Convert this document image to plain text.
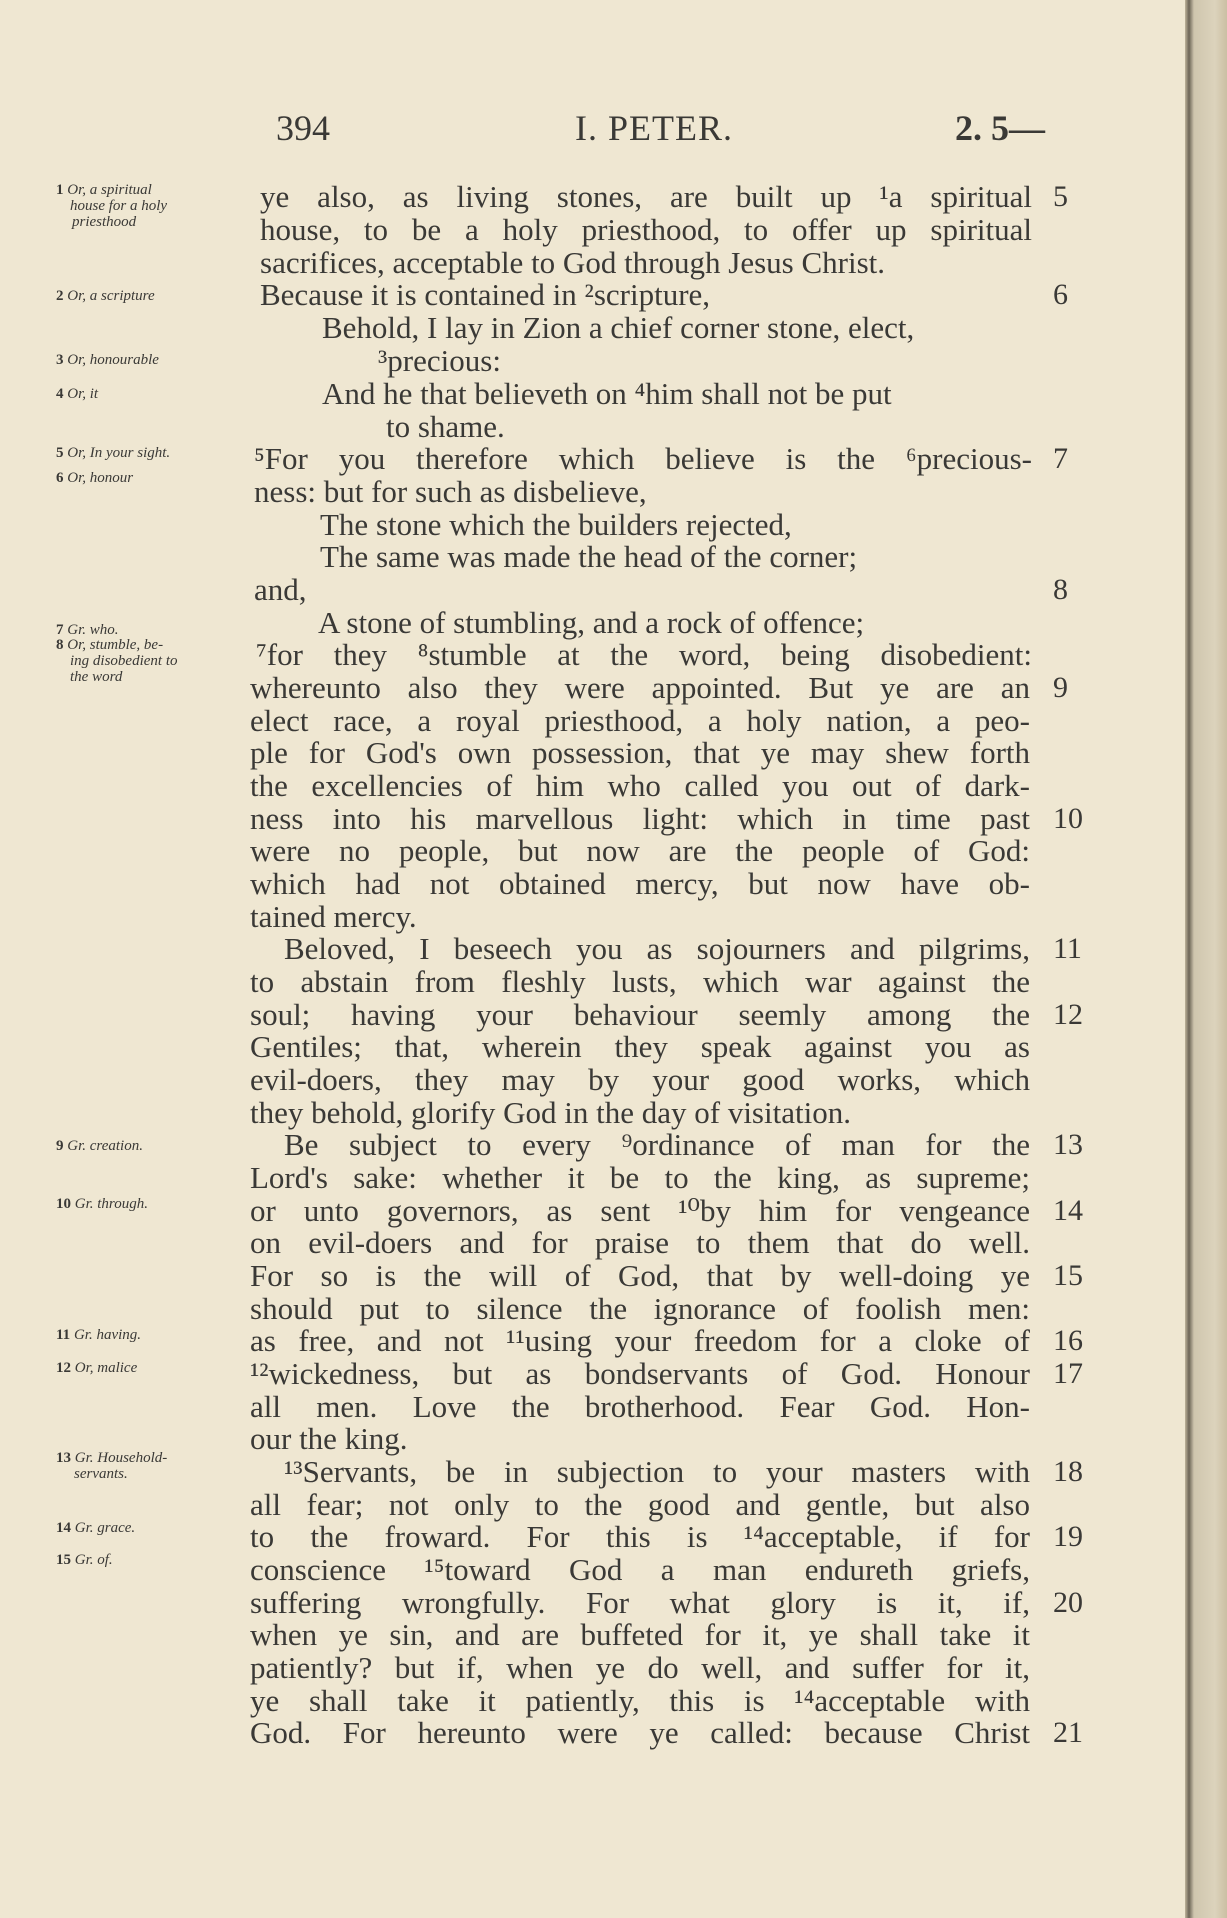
394	I. PETER.	2. 5—
1 Or, a spiritual
house for a holy
priesthood
2 Or, a scripture
3 Or, honourable
4 Or, it
5 Or, In your sight.
6 Or, honour
7 Gr. who.
8 Or, stumble, be-
ing disobedient to
the word
9 Gr. creation.
10 Gr. through.
11 Gr. having.
12 Or, malice
13 Gr. Household-
servants.
14 Gr. grace.
15 Gr. of.
ye also, as living stones, are built up ¹a spiritual
house, to be a holy priesthood, to offer up spiritual
sacrifices, acceptable to God through Jesus Christ.
Because it is contained in ²scripture,
Behold, I lay in Zion a chief corner stone, elect,
³precious:
And he that believeth on ⁴him shall not be put
to shame.
⁵For you therefore which believe is the ⁶precious-
ness: but for such as disbelieve,
The stone which the builders rejected,
The same was made the head of the corner;
and,
A stone of stumbling, and a rock of offence;
⁷for they ⁸stumble at the word, being disobedient:
whereunto also they were appointed. But ye are an
elect race, a royal priesthood, a holy nation, a peo-
ple for God's own possession, that ye may shew forth
the excellencies of him who called you out of dark-
ness into his marvellous light: which in time past
were no people, but now are the people of God:
which had not obtained mercy, but now have ob-
tained mercy.
Beloved, I beseech you as sojourners and pilgrims,
to abstain from fleshly lusts, which war against the
soul; having your behaviour seemly among the
Gentiles; that, wherein they speak against you as
evil-doers, they may by your good works, which
they behold, glorify God in the day of visitation.
Be subject to every ⁹ordinance of man for the
Lord's sake: whether it be to the king, as supreme;
or unto governors, as sent ¹⁰by him for vengeance
on evil-doers and for praise to them that do well.
For so is the will of God, that by well-doing ye
should put to silence the ignorance of foolish men:
as free, and not ¹¹using your freedom for a cloke of
¹²wickedness, but as bondservants of God. Honour
all men. Love the brotherhood. Fear God. Hon-
our the king.
¹³Servants, be in subjection to your masters with
all fear; not only to the good and gentle, but also
to the froward. For this is ¹⁴acceptable, if for
conscience ¹⁵toward God a man endureth griefs,
suffering wrongfully. For what glory is it, if,
when ye sin, and are buffeted for it, ye shall take it
patiently? but if, when ye do well, and suffer for it,
ye shall take it patiently, this is ¹⁴acceptable with
God. For hereunto were ye called: because Christ
5
6
7
8
9
10
11
12
13
14
15
16
17
18
19
20
21
